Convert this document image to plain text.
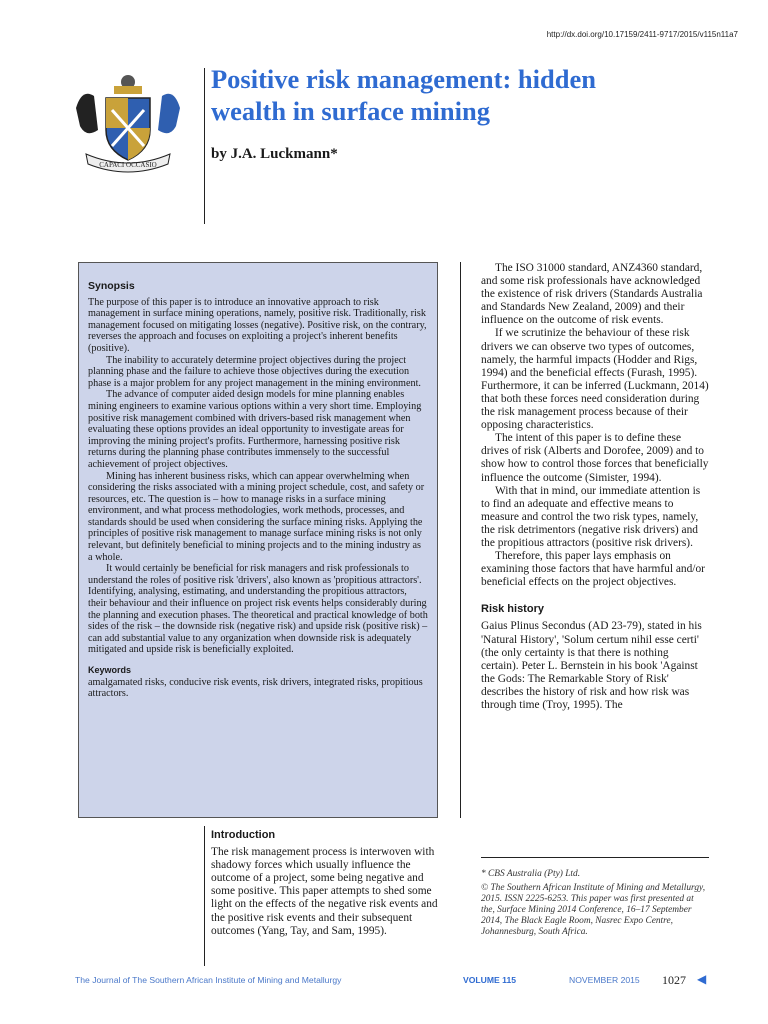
http://dx.doi.org/10.17159/2411-9717/2015/v115n11a7
CAPACI OCCASIO
Positive risk management: hidden wealth in surface mining
by J.A. Luckmann*
Synopsis

The purpose of this paper is to introduce an innovative approach to risk management in surface mining operations, namely, positive risk. Traditionally, risk management focused on mitigating losses (negative). Positive risk, on the contrary, reverses the approach and focuses on exploiting a project's inherent benefits (positive).

The inability to accurately determine project objectives during the project planning phase and the failure to achieve those objectives during the execution phase is a major problem for any project management in the mining environment.

The advance of computer aided design models for mine planning enables mining engineers to examine various options within a very short time. Employing positive risk management combined with drivers-based risk management when evaluating these options provides an ideal opportunity to investigate areas for improving the mining project's profits. Furthermore, harnessing positive risk returns during the planning phase contributes immensely to the successful achievement of project objectives.

Mining has inherent business risks, which can appear overwhelming when considering the risks associated with a mining project schedule, cost, and safety or resources, etc. The question is – how to manage risks in a surface mining environment, and what process methodologies, work methods, processes, and standards should be used when considering the surface mining risks. Applying the principles of positive risk management to manage surface mining risks is not only relevant, but definitely beneficial to mining projects and to the mining industry as a whole.

It would certainly be beneficial for risk managers and risk professionals to understand the roles of positive risk 'drivers', also known as 'propitious attractors'. Identifying, analysing, estimating, and understanding the propitious attractors, their behaviour and their influence on project risk events helps considerably during the planning and execution phases. The theoretical and practical knowledge of both sides of the risk – the downside risk (negative risk) and upside risk (positive risk) – can add substantial value to any organization when downside risk is adequately mitigated and upside risk is beneficially exploited.

Keywords
amalgamated risks, conducive risk events, risk drivers, integrated risks, propitious attractors.

The ISO 31000 standard, ANZ4360 standard, and some risk professionals have acknowledged the existence of risk drivers (Standards Australia and Standards New Zealand, 2009) and their influence on the outcome of risk events.

If we scrutinize the behaviour of these risk drivers we can observe two types of outcomes, namely, the harmful impacts (Hodder and Rigs, 1994) and the beneficial effects (Furash, 1995). Furthermore, it can be inferred (Luckmann, 2014) that both these forces need consideration during the risk management process because of their opposing characteristics.

The intent of this paper is to define these drives of risk (Alberts and Dorofee, 2009) and to show how to control those forces that beneficially influence the outcome (Simister, 1994).

With that in mind, our immediate attention is to find an adequate and effective means to measure and control the two risk types, namely, the risk detrimentors (negative risk drivers) and the propitious attractors (positive risk drivers).

Therefore, this paper lays emphasis on examining those factors that have harmful and/or beneficial effects on the project objectives.

Risk history

Gaius Plinus Secondus (AD 23-79), stated in his 'Natural History', 'Solum certum nihil esse certi' (the only certainty is that there is nothing certain). Peter L. Bernstein in his book 'Against the Gods: The Remarkable Story of Risk' describes the history of risk and how risk was through time (Troy, 1995). The

Introduction

The risk management process is interwoven with shadowy forces which usually influence the outcome of a project, some being negative and some positive. This paper attempts to shed some light on the effects of the negative risk events and the positive risk events and their subsequent outcomes (Yang, Tay, and Sam, 1995).

* CBS Australia (Pty) Ltd.

© The Southern African Institute of Mining and Metallurgy, 2015. ISSN 2225-6253. This paper was first presented at the, Surface Mining 2014 Conference, 16–17 September 2014, The Black Eagle Room, Nasrec Expo Centre, Johannesburg, South Africa.

The Journal of The Southern African Institute of Mining and Metallurgy	VOLUME 115	NOVEMBER 2015 1027 ◀
